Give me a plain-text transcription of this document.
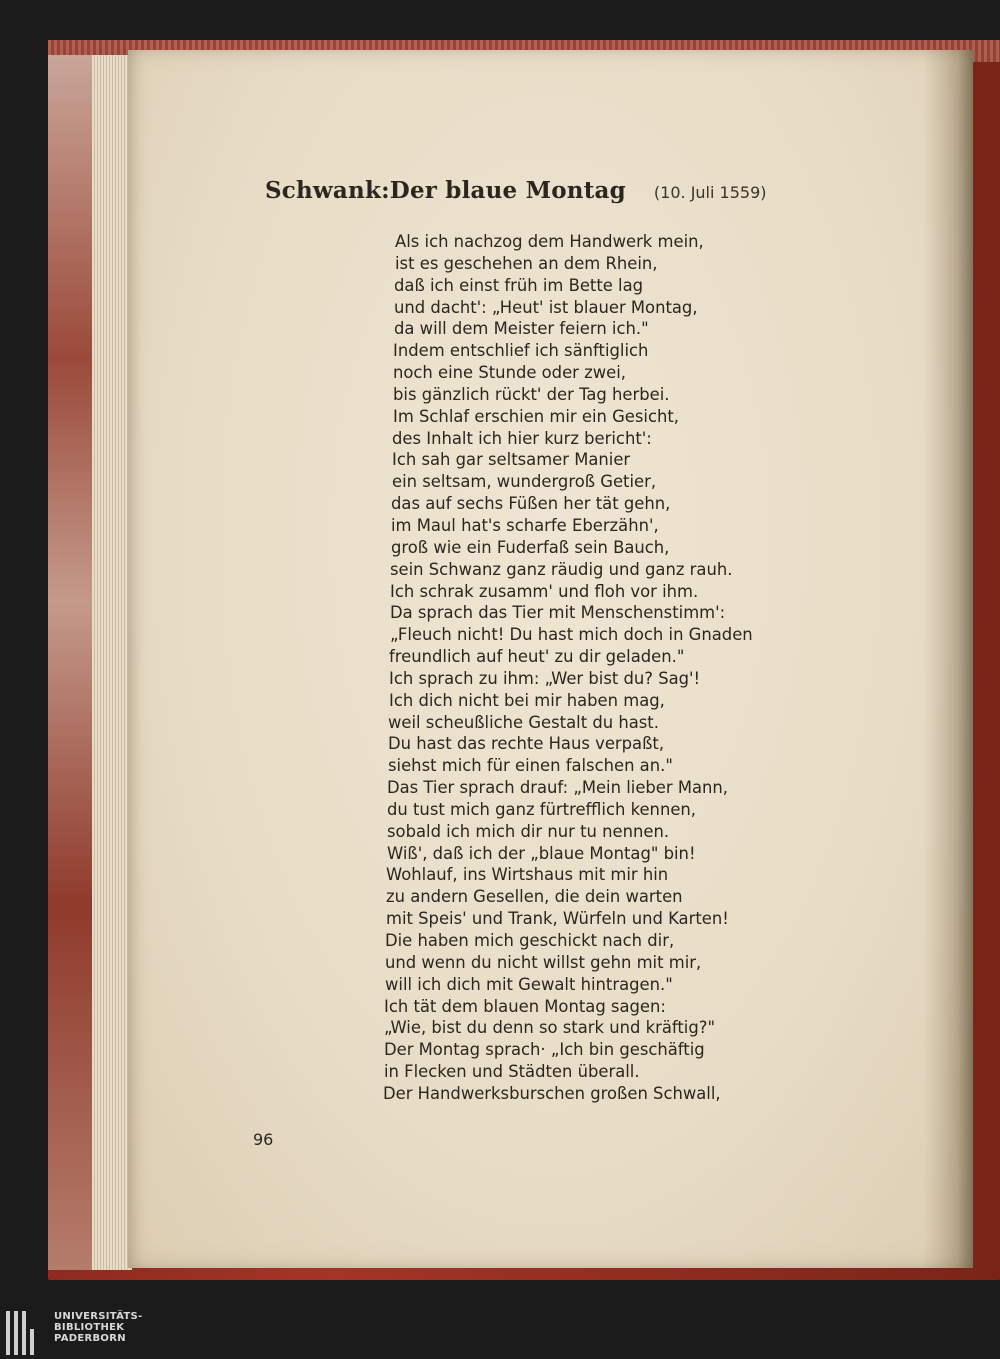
Schwank:Der blaue Montag (10. Juli 1559)
Als ich nachzog dem Handwerk mein,
ist es geschehen an dem Rhein,
daß ich einst früh im Bette lag
und dacht': „Heut' ist blauer Montag,
da will dem Meister feiern ich."
Indem entschlief ich sänftiglich
noch eine Stunde oder zwei,
bis gänzlich rückt' der Tag herbei.
Im Schlaf erschien mir ein Gesicht,
des Inhalt ich hier kurz bericht':
Ich sah gar seltsamer Manier
ein seltsam, wundergroß Getier,
das auf sechs Füßen her tät gehn,
im Maul hat's scharfe Eberzähn',
groß wie ein Fuderfaß sein Bauch,
sein Schwanz ganz räudig und ganz rauh.
Ich schrak zusamm' und floh vor ihm.
Da sprach das Tier mit Menschenstimm':
„Fleuch nicht! Du hast mich doch in Gnaden
freundlich auf heut' zu dir geladen."
Ich sprach zu ihm: „Wer bist du? Sag'!
Ich dich nicht bei mir haben mag,
weil scheußliche Gestalt du hast.
Du hast das rechte Haus verpaßt,
siehst mich für einen falschen an."
Das Tier sprach drauf: „Mein lieber Mann,
du tust mich ganz fürtrefflich kennen,
sobald ich mich dir nur tu nennen.
Wiß', daß ich der „blaue Montag" bin!
Wohlauf, ins Wirtshaus mit mir hin
zu andern Gesellen, die dein warten
mit Speis' und Trank, Würfeln und Karten!
Die haben mich geschickt nach dir,
und wenn du nicht willst gehn mit mir,
will ich dich mit Gewalt hintragen."
Ich tät dem blauen Montag sagen:
„Wie, bist du denn so stark und kräftig?"
Der Montag sprach· „Ich bin geschäftig
in Flecken und Städten überall.
Der Handwerksburschen großen Schwall,
96
UNIVERSITÄTS-
BIBLIOTHEK
PADERBORN
